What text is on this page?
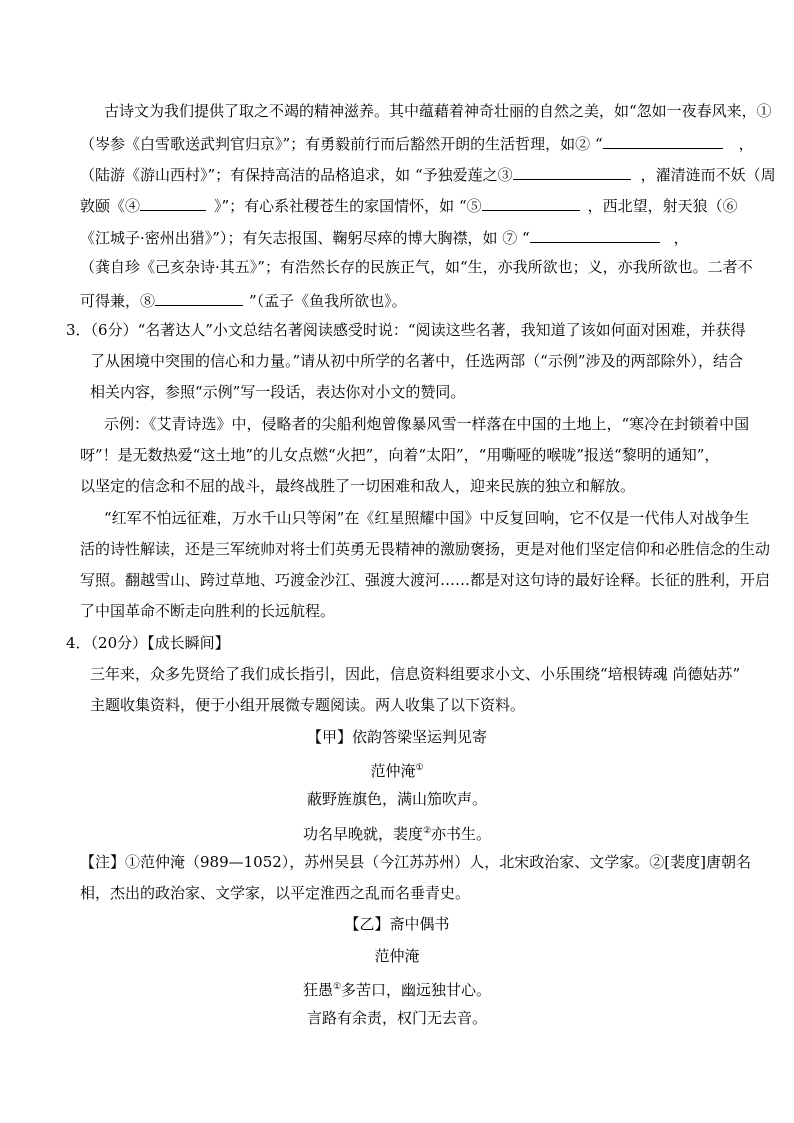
古诗文为我们提供了取之不竭的精神滋养。其中蕴藉着神奇壮丽的自然之美，如“忽如一夜春风来，①
（岑参《白雪歌送武判官归京》”；有勇毅前行而后豁然开朗的生活哲理，如② “	，
（陆游《游山西村》”；有保持高洁的品格追求，如 “予独爱莲之③	，濯清涟而不妖（周
敦颐《④	》”；有心系社稷苍生的家国情怀，如 “⑤	，西北望，射天狼（⑥
《江城子·密州出猎》”）；有矢志报国、鞠躬尽瘁的博大胸襟，如 ⑦ “	，
（龚自珍《己亥杂诗·其五》”；有浩然长存的民族正气，如“生，亦我所欲也；义，亦我所欲也。二者不
可得兼，⑧	”（孟子《鱼我所欲也》。
3．（6分）“名著达人”小文总结名著阅读感受时说：“阅读这些名著，我知道了该如何面对困难，并获得
了从困境中突围的信心和力量。”请从初中所学的名著中，任选两部（“示例”涉及的两部除外），结合
相关内容，参照“示例”写一段话，表达你对小文的赞同。
示例：《艾青诗选》中，侵略者的尖船利炮曾像暴风雪一样落在中国的土地上，“寒冷在封锁着中国
呀”！是无数热爱“这土地”的儿女点燃“火把”，向着“太阳”，“用嘶哑的喉咙”报送“黎明的通知”，
以坚定的信念和不屈的战斗，最终战胜了一切困难和敌人，迎来民族的独立和解放。
“红军不怕远征难，万水千山只等闲”在《红星照耀中国》中反复回响，它不仅是一代伟人对战争生
活的诗性解读，还是三军统帅对将士们英勇无畏精神的激励褒扬，更是对他们坚定信仰和必胜信念的生动
写照。翻越雪山、跨过草地、巧渡金沙江、强渡大渡河……都是对这句诗的最好诠释。长征的胜利，开启
了中国革命不断走向胜利的长远航程。
4．（20分）【成长瞬间】
三年来，众多先贤给了我们成长指引，因此，信息资料组要求小文、小乐围绕“培根铸魂 尚德姑苏”
主题收集资料，便于小组开展微专题阅读。两人收集了以下资料。
【甲】依韵答梁坚运判见寄
范仲淹①
蔽野旌旗色，满山笳吹声。
功名早晚就，裴度②亦书生。
【注】①范仲淹（989—1052），苏州吴县（今江苏苏州）人，北宋政治家、文学家。②[裴度]唐朝名
相，杰出的政治家、文学家，以平定淮西之乱而名垂青史。
【乙】斋中偶书
范仲淹
狂愚①多苦口，幽远独甘心。
言路有余责，权门无去音。
